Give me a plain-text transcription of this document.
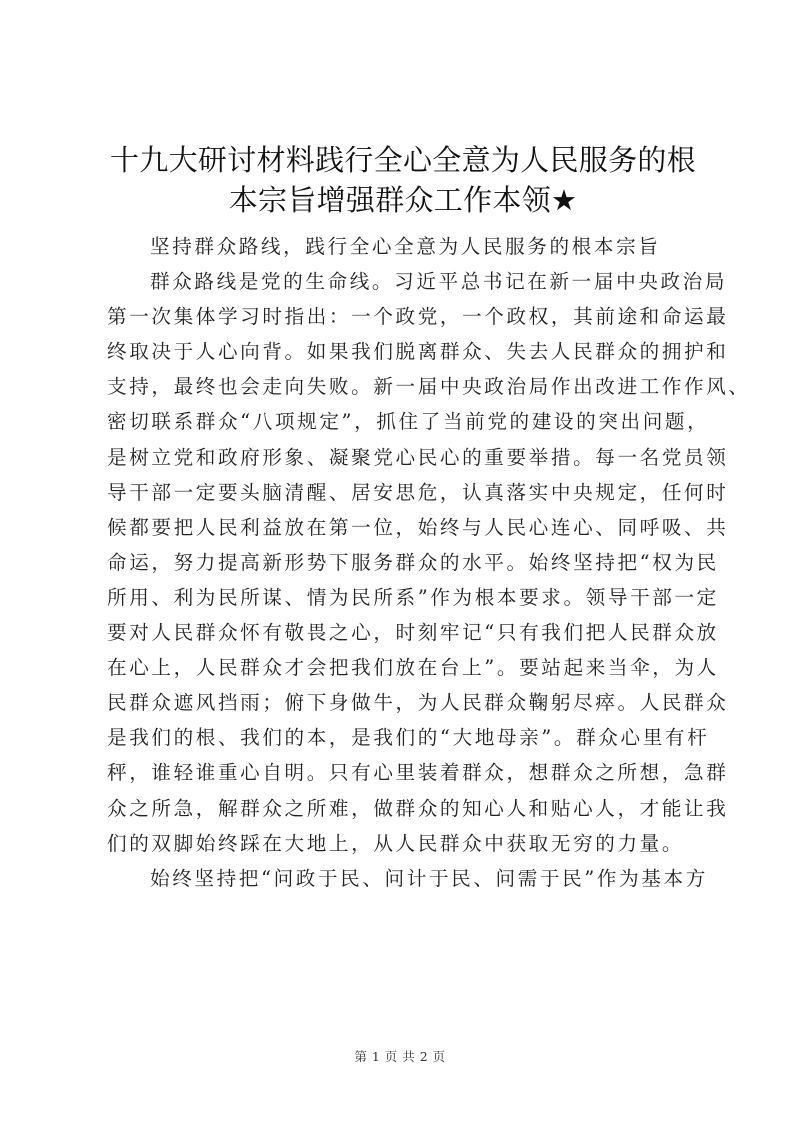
十九大研讨材料践行全心全意为人民服务的根
本宗旨增强群众工作本领★
坚持群众路线，践行全心全意为人民服务的根本宗旨
群众路线是党的生命线。习近平总书记在新一届中央政治局
第一次集体学习时指出：一个政党，一个政权，其前途和命运最
终取决于人心向背。如果我们脱离群众、失去人民群众的拥护和
支持，最终也会走向失败。新一届中央政治局作出改进工作作风、
密切联系群众“八项规定”，抓住了当前党的建设的突出问题，
是树立党和政府形象、凝聚党心民心的重要举措。每一名党员领
导干部一定要头脑清醒、居安思危，认真落实中央规定，任何时
候都要把人民利益放在第一位，始终与人民心连心、同呼吸、共
命运，努力提高新形势下服务群众的水平。始终坚持把“权为民
所用、利为民所谋、情为民所系”作为根本要求。领导干部一定
要对人民群众怀有敬畏之心，时刻牢记“只有我们把人民群众放
在心上，人民群众才会把我们放在台上”。要站起来当伞，为人
民群众遮风挡雨；俯下身做牛，为人民群众鞠躬尽瘁。人民群众
是我们的根、我们的本，是我们的“大地母亲”。群众心里有杆
秤，谁轻谁重心自明。只有心里装着群众，想群众之所想，急群
众之所急，解群众之所难，做群众的知心人和贴心人，才能让我
们的双脚始终踩在大地上，从人民群众中获取无穷的力量。
始终坚持把“问政于民、问计于民、问需于民”作为基本方
第 1 页 共 2 页
